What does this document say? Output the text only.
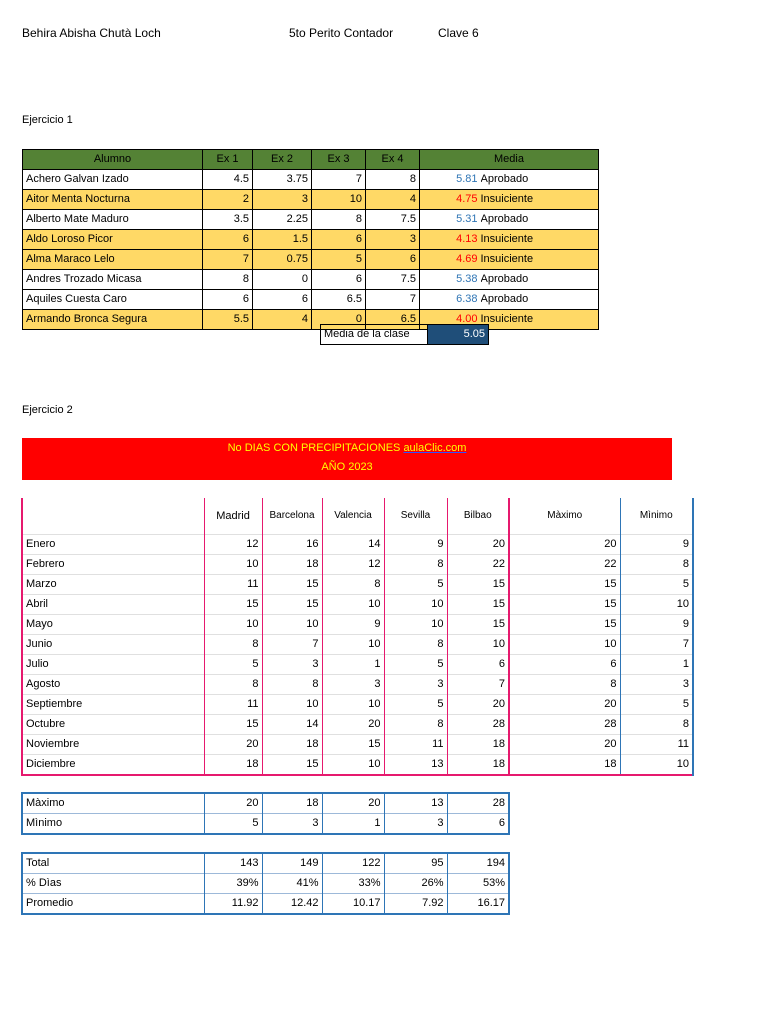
Behira Abisha Chutà Loch	5to Perito Contador	Clave 6
Ejercicio 1
Alumno	Ex 1	Ex 2	Ex 3	Ex 4	Media	
Achero Galvan Izado	4.5	3.75	7	8	5.81	Aprobado
Aitor Menta Nocturna	2	3	10	4	4.75	Insuiciente
Alberto Mate Maduro	3.5	2.25	8	7.5	5.31	Aprobado
Aldo Loroso Picor	6	1.5	6	3	4.13	Insuiciente
Alma Maraco Lelo	7	0.75	5	6	4.69	Insuiciente
Andres Trozado Micasa	8	0	6	7.5	5.38	Aprobado
Aquiles Cuesta Caro	6	6	6.5	7	6.38	Aprobado
Armando Bronca Segura	5.5	4	0	6.5	4.00	Insuiciente
Media de la clase	5.05
Ejercicio 2
No DIAS CON PRECIPITACIONES aulaClic.com
AÑO 2023
	Madrid	Barcelona	Valencia	Sevilla	Bilbao	Màximo	Mìnimo
Enero	12	16	14	9	20	20	9
Febrero	10	18	12	8	22	22	8
Marzo	11	15	8	5	15	15	5
Abril	15	15	10	10	15	15	10
Mayo	10	10	9	10	15	15	9
Junio	8	7	10	8	10	10	7
Julio	5	3	1	5	6	6	1
Agosto	8	8	3	3	7	8	3
Septiembre	11	10	10	5	20	20	5
Octubre	15	14	20	8	28	28	8
Noviembre	20	18	15	11	18	20	11
Diciembre	18	15	10	13	18	18	10
Màximo	20	18	20	13	28
Mìnimo	5	3	1	3	6
Total	143	149	122	95	194
% Dìas	39%	41%	33%	26%	53%
Promedio	11.92	12.42	10.17	7.92	16.17
